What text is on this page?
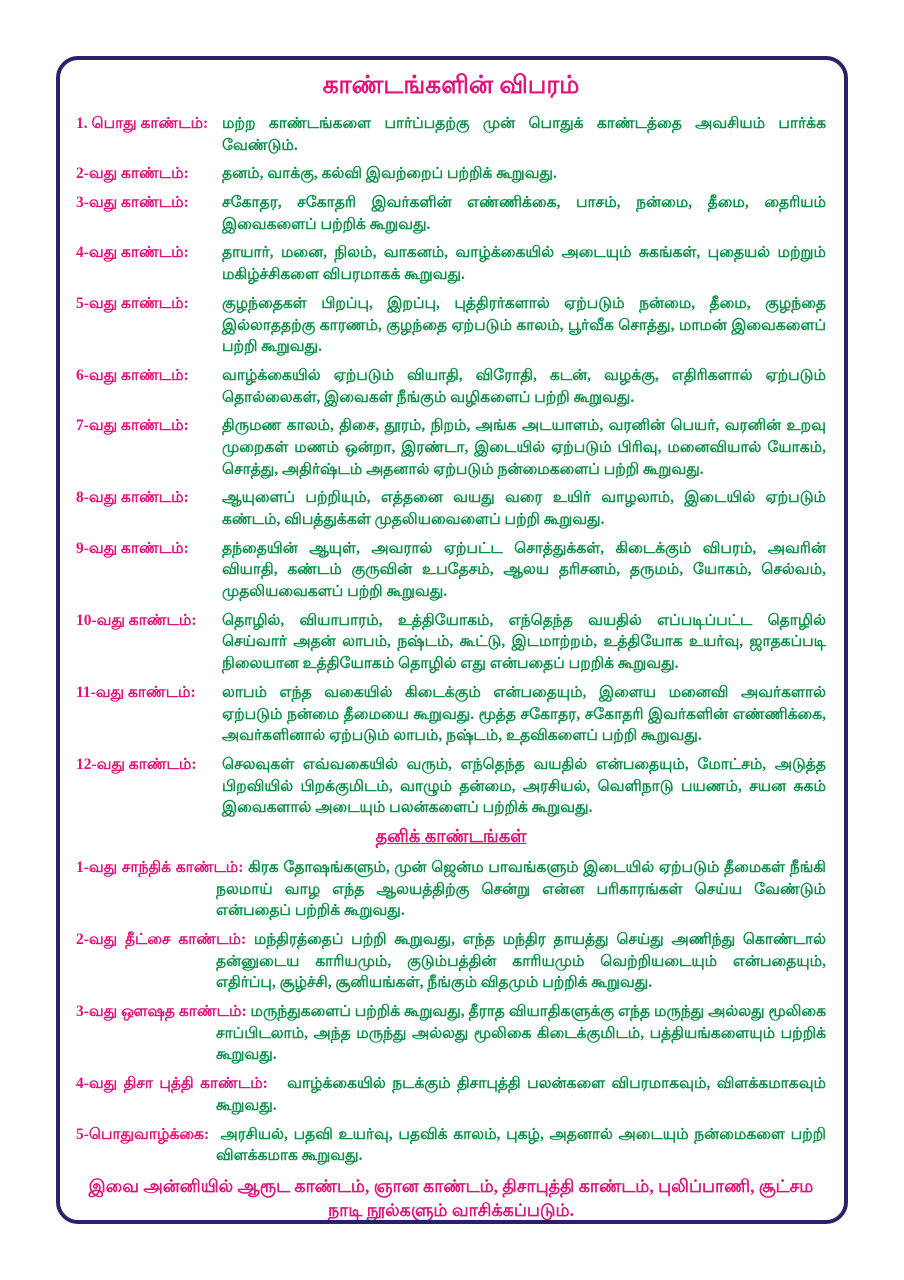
காண்டங்களின் விபரம்
1. பொது காண்டம்: மற்ற காண்டங்களை பார்ப்பதற்கு முன் பொதுக் காண்டத்தை அவசியம் பார்க்க வேண்டும்.
2-வது காண்டம்:	தனம், வாக்கு, கல்வி இவற்றைப் பற்றிக் கூறுவது.
3-வது காண்டம்:	சகோதர, சகோதரி இவர்களின் எண்ணிக்கை, பாசம், நன்மை, தீமை, தைரியம் இவைகளைப் பற்றிக் கூறுவது.
4-வது காண்டம்:	தாயார், மனை, நிலம், வாகனம், வாழ்க்கையில் அடையும் சுகங்கள், புதையல் மற்றும் மகிழ்ச்சிகளை விபரமாகக் கூறுவது.
5-வது காண்டம்:	குழந்தைகள் பிறப்பு, இறப்பு, புத்திரர்களால் ஏற்படும் நன்மை, தீமை, குழந்தை இல்லாததற்கு காரணம், குழந்தை ஏற்படும் காலம், பூர்வீக சொத்து, மாமன் இவைகளைப் பற்றி கூறுவது.
6-வது காண்டம்:	வாழ்க்கையில் ஏற்படும் வியாதி, விரோதி, கடன், வழக்கு, எதிரிகளால் ஏற்படும் தொல்லைகள், இவைகள் நீங்கும் வழிகளைப் பற்றி கூறுவது.
7-வது காண்டம்:	திருமண காலம், திசை, தூரம், நிறம், அங்க அடயாளம், வரனின் பெயர், வரனின் உறவு முறைகள் மணம் ஒன்றா, இரண்டா, இடையில் ஏற்படும் பிரிவு, மனைவியால் யோகம், சொத்து, அதிர்ஷ்டம் அதனால் ஏற்படும் நன்மைகளைப் பற்றி கூறுவது.
8-வது காண்டம்:	ஆயுளைப் பற்றியும், எத்தனை வயது வரை உயிர் வாழலாம், இடையில் ஏற்படும் கண்டம், விபத்துக்கள் முதலியவைளைப் பற்றி கூறுவது.
9-வது காண்டம்:	தந்தையின் ஆயுள், அவரால் ஏற்பட்ட சொத்துக்கள், கிடைக்கும் விபரம், அவரின் வியாதி, கண்டம் குருவின் உபதேசம், ஆலய தரிசனம், தருமம், யோகம், செல்வம், முதலியவைகளப் பற்றி கூறுவது.
10-வது காண்டம்:	தொழில், வியாபாரம், உத்தியோகம், எந்தெந்த வயதில் எப்படிப்பட்ட தொழில் செய்வார் அதன் லாபம், நஷ்டம், கூட்டு, இடமாற்றம், உத்தியோக உயர்வு, ஜாதகப்படி நிலையான உத்தியோகம் தொழில் எது என்பதைப் பறறிக் கூறுவது.
11-வது காண்டம்:	லாபம் எந்த வகையில் கிடைக்கும் என்பதையும், இளைய மனைவி அவர்களால் ஏற்படும் நன்மை தீமையை கூறுவது. மூத்த சகோதர, சகோதரி இவர்களின் எண்ணிக்கை, அவர்களினால் ஏற்படும் லாபம், நஷ்டம், உதவிகளைப் பற்றி கூறுவது.
12-வது காண்டம்:	செலவுகள் எவ்வகையில் வரும், எந்தெந்த வயதில் என்பதையும், மோட்சம், அடுத்த பிறவியில் பிறக்குமிடம், வாழும் தன்மை, அரசியல், வெளிநாடு பயணம், சயன சுகம் இவைகளால் அடையும் பலன்களைப் பற்றிக் கூறுவது.
தனிக் காண்டங்கள்

1-வது சாந்திக் காண்டம்: கிரக தோஷங்களும், முன் ஜென்ம பாவங்களும் இடையில் ஏற்படும் தீமைகள் நீங்கி நலமாய் வாழ எந்த ஆலயத்திற்கு சென்று என்ன பரிகாரங்கள் செய்ய வேண்டும் என்பதைப் பற்றிக் கூறுவது.

2-வது தீட்சை காண்டம்: மந்திரத்தைப் பற்றி கூறுவது, எந்த மந்திர தாயத்து செய்து அணிந்து கொண்டால் தன்னுடைய காரியமும், குடும்பத்தின் காரியமும் வெற்றியடையும் என்பதையும், எதிர்ப்பு, சூழ்ச்சி, சூனியங்கள், நீங்கும் விதமும் பற்றிக் கூறுவது.

3-வது ஔஷத காண்டம்: மருந்துகளைப் பற்றிக் கூறுவது, தீராத வியாதிகளுக்கு எந்த மருந்து அல்லது மூலிகை சாப்பிடலாம், அந்த மருந்து அல்லது மூலிகை கிடைக்குமிடம், பத்தியங்களையும் பற்றிக் கூறுவது.

4-வது திசா புத்தி காண்டம்: வாழ்க்கையில் நடக்கும் திசாபுத்தி பலன்களை விபரமாகவும், விளக்கமாகவும் கூறுவது.

5-பொதுவாழ்க்கை: அரசியல், பதவி உயர்வு, பதவிக் காலம், புகழ், அதனால் அடையும் நன்மைகளை பற்றி விளக்கமாக கூறுவது.

இவை அன்னியில் ஆரூட காண்டம், ஞான காண்டம், திசாபுத்தி காண்டம், புலிப்பாணி, சூட்சம நாடி நூல்களும் வாசிக்கப்படும்.
